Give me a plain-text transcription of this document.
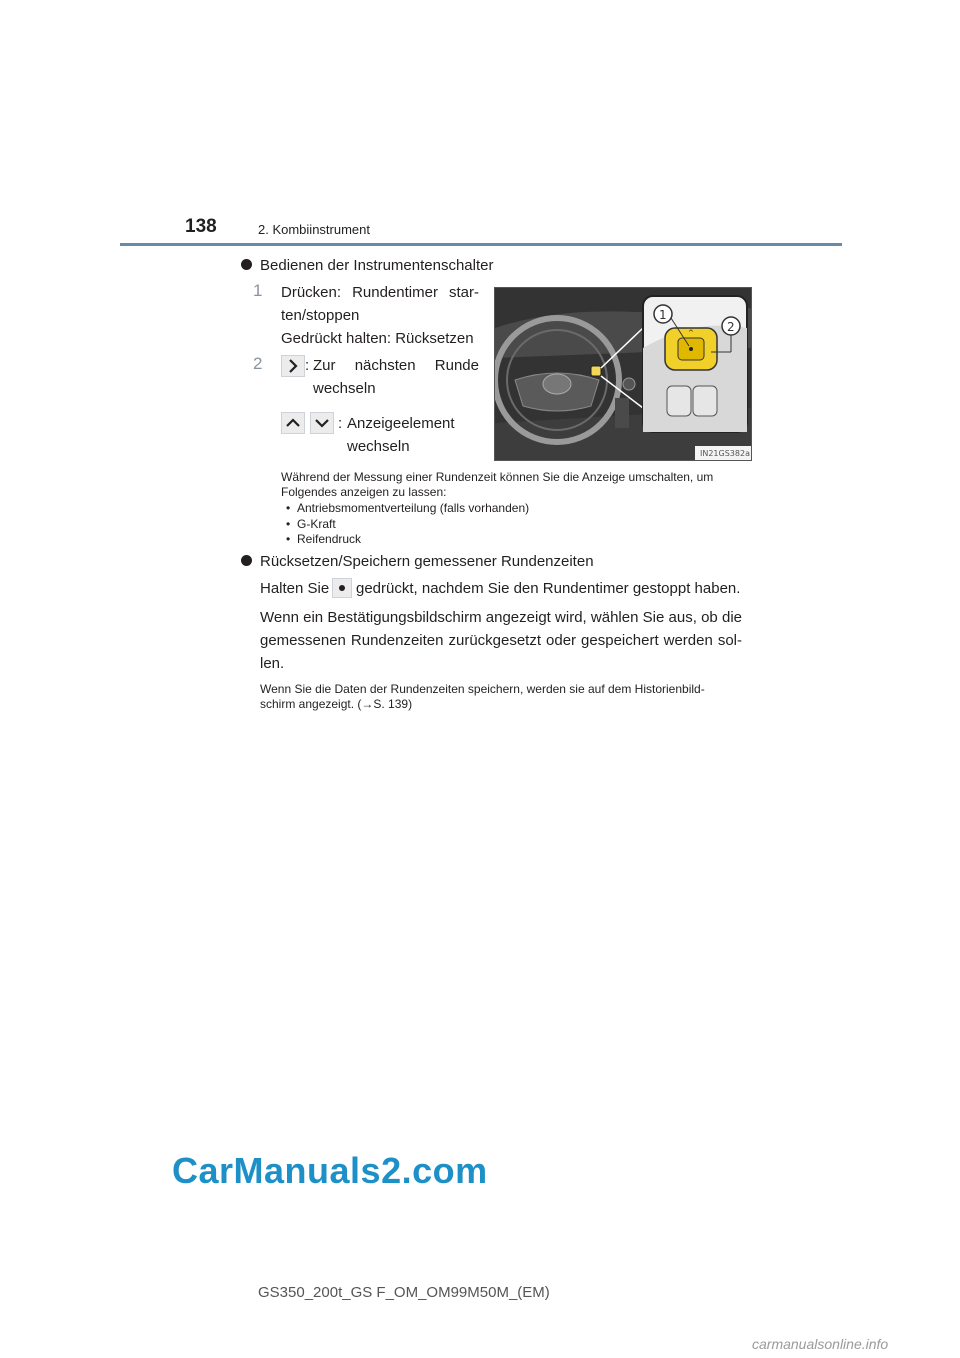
138	2. Kombiinstrument
Bedienen der Instrumentenschalter
1 Drücken: Rundentimer star-
ten/stoppen
Gedrückt halten: Rücksetzen
2	: Zur nächsten Runde
wechseln
: Anzeigeelement
wechseln
^
1
2
IN21GS382a
Während der Messung einer Rundenzeit können Sie die Anzeige umschalten, um
Folgendes anzeigen zu lassen:
• Antriebsmomentverteilung (falls vorhanden)
• G-Kraft
• Reifendruck
Rücksetzen/Speichern gemessener Rundenzeiten
Halten Sie gedrückt, nachdem Sie den Rundentimer gestoppt haben.
Wenn ein Bestätigungsbildschirm angezeigt wird, wählen Sie aus, ob die
gemessenen Rundenzeiten zurückgesetzt oder gespeichert werden sol-
len.
Wenn Sie die Daten der Rundenzeiten speichern, werden sie auf dem Historienbild-
schirm angezeigt. (→S. 139)
CarManuals2.com
GS350_200t_GS F_OM_OM99M50M_(EM)
carmanualsonline.info
